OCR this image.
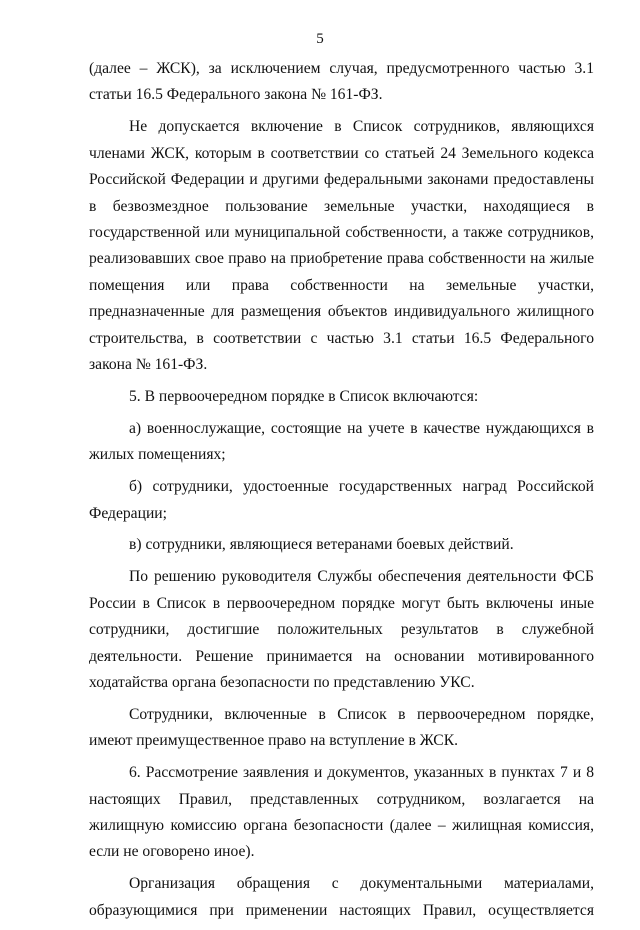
5

(далее – ЖСК), за исключением случая, предусмотренного частью 3.1 статьи 16.5 Федерального закона № 161-ФЗ.

Не допускается включение в Список сотрудников, являющихся членами ЖСК, которым в соответствии со статьей 24 Земельного кодекса Российской Федерации и другими федеральными законами предоставлены в безвозмездное пользование земельные участки, находящиеся в государственной или муниципальной собственности, а также сотрудников, реализовавших свое право на приобретение права собственности на жилые помещения или права собственности на земельные участки, предназначенные для размещения объектов индивидуального жилищного строительства, в соответствии с частью 3.1 статьи 16.5 Федерального закона № 161-ФЗ.

5. В первоочередном порядке в Список включаются:

а) военнослужащие, состоящие на учете в качестве нуждающихся в жилых помещениях;

б) сотрудники, удостоенные государственных наград Российской Федерации;

в) сотрудники, являющиеся ветеранами боевых действий.

По решению руководителя Службы обеспечения деятельности ФСБ России в Список в первоочередном порядке могут быть включены иные сотрудники, достигшие положительных результатов в служебной деятельности. Решение принимается на основании мотивированного ходатайства органа безопасности по представлению УКС.

Сотрудники, включенные в Список в первоочередном порядке, имеют преимущественное право на вступление в ЖСК.

6. Рассмотрение заявления и документов, указанных в пунктах 7 и 8 настоящих Правил, представленных сотрудником, возлагается на жилищную комиссию органа безопасности (далее – жилищная комиссия, если не оговорено иное).

Организация обращения с документальными материалами, образующимися при применении настоящих Правил, осуществляется
